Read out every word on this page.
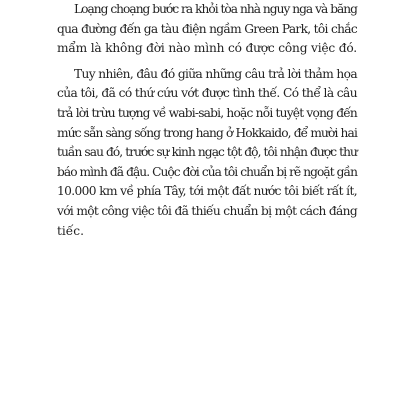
Loạng choạng bước ra khỏi tòa nhà nguy nga và băng
qua đường đến ga tàu điện ngầm Green Park, tôi chắc
mẩm là không đời nào mình có được công việc đó.
Tuy nhiên, đâu đó giữa những câu trả lời thảm họa
của tôi, đã có thứ cứu vớt được tình thế. Có thể là câu
trả lời trừu tượng về wabi-sabi, hoặc nỗi tuyệt vọng đến
mức sẵn sàng sống trong hang ở Hokkaido, để mười hai
tuần sau đó, trước sự kinh ngạc tột độ, tôi nhận được thư
báo mình đã đậu. Cuộc đời của tôi chuẩn bị rẽ ngoặt gần
10.000 km về phía Tây, tới một đất nước tôi biết rất ít,
với một công việc tôi đã thiếu chuẩn bị một cách đáng
tiếc.
